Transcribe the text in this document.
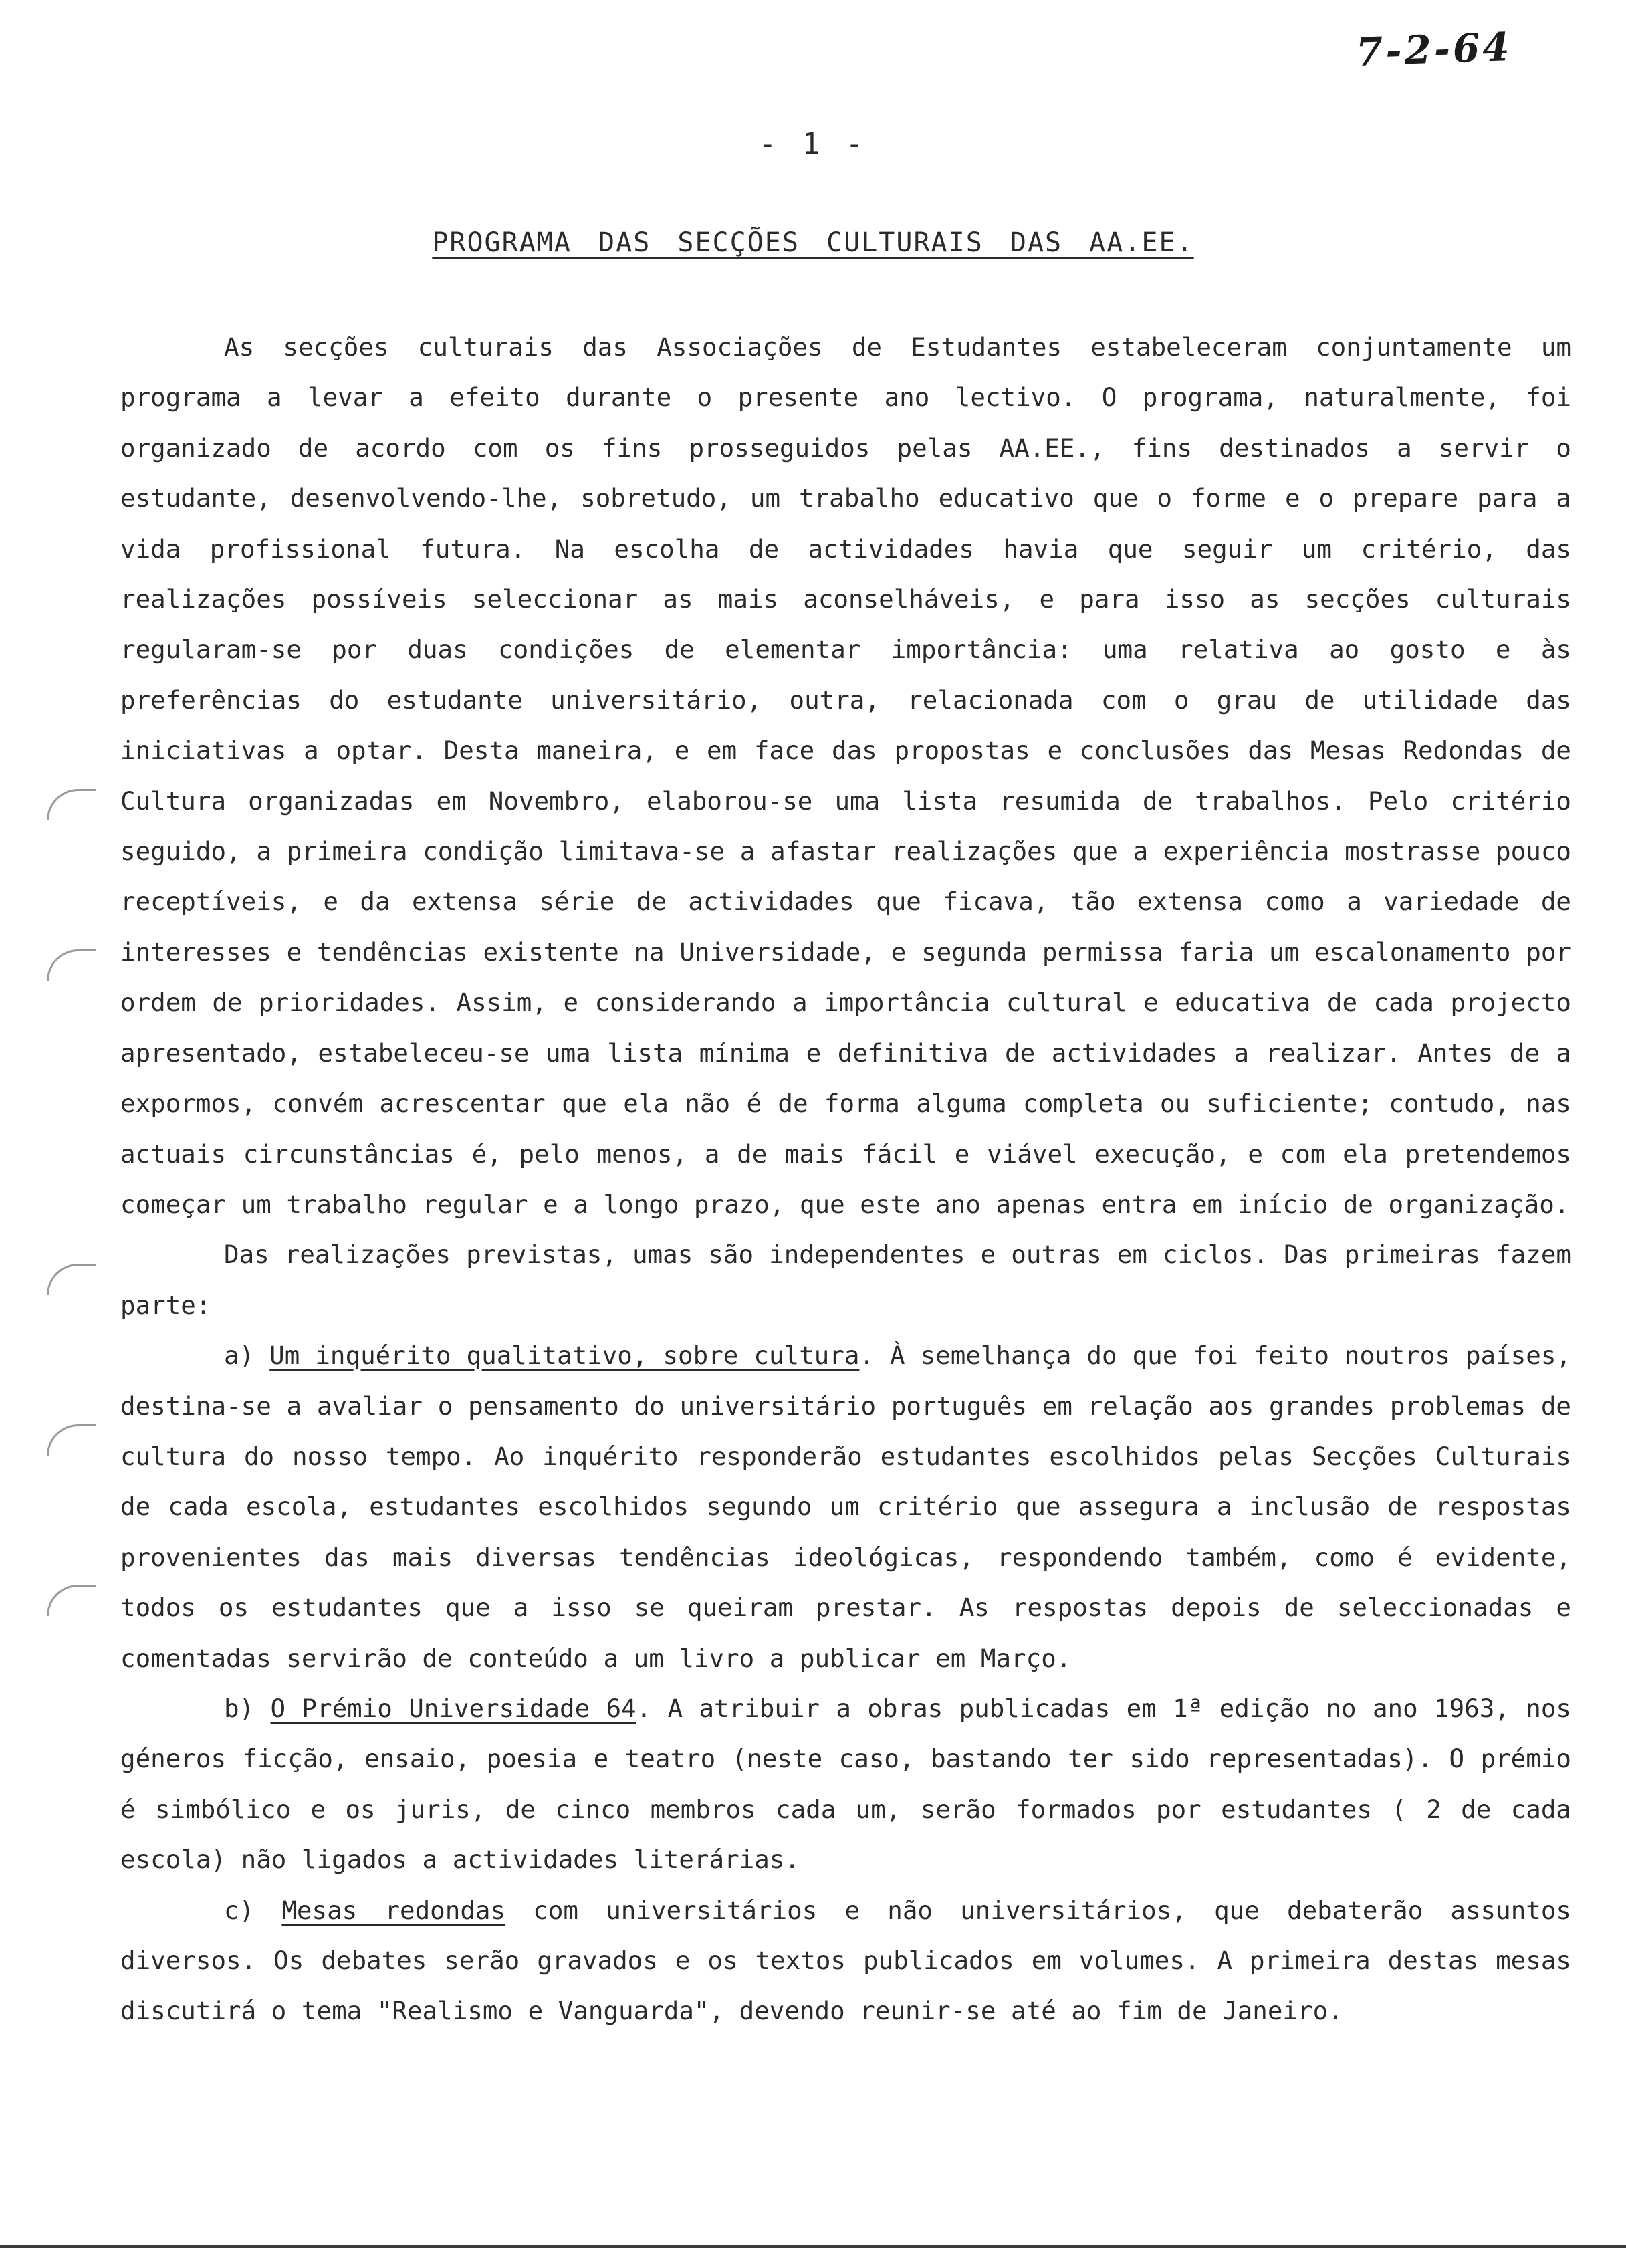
7-2-64
- 1 -
PROGRAMA DAS SECÇÕES CULTURAIS DAS AA.EE.

As secções culturais das Associações de Estudantes estabeleceram conjuntamente um programa a levar a efeito durante o presente ano lectivo. O programa, naturalmente, foi organizado de acordo com os fins prosseguidos pelas AA.EE., fins destinados a servir o estudante, desenvolvendo-lhe, sobretudo, um trabalho educativo que o forme e o prepare para a vida profissional futura. Na escolha de actividades havia que seguir um critério, das realizações possíveis seleccionar as mais aconselháveis, e para isso as secções culturais regularam-se por duas condições de elementar importância: uma relativa ao gosto e às preferências do estudante universitário, outra, relacionada com o grau de utilidade das iniciativas a optar. Desta maneira, e em face das propostas e conclusões das Mesas Redondas de Cultura organizadas em Novembro, elaborou-se uma lista resumida de trabalhos. Pelo critério seguido, a primeira condição limitava-se a afastar realizações que a experiência mostrasse pouco receptíveis, e da extensa série de actividades que ficava, tão extensa como a variedade de interesses e tendências existente na Universidade, e segunda permissa faria um escalonamento por ordem de prioridades. Assim, e considerando a importância cultural e educativa de cada projecto apresentado, estabeleceu-se uma lista mínima e definitiva de actividades a realizar. Antes de a expormos, convém acrescentar que ela não é de forma alguma completa ou suficiente; contudo, nas actuais circunstâncias é, pelo menos, a de mais fácil e viável execução, e com ela pretendemos começar um trabalho regular e a longo prazo, que este ano apenas entra em início de organização.

Das realizações previstas, umas são independentes e outras em ciclos. Das primeiras fazem parte:

a) Um inquérito qualitativo, sobre cultura. À semelhança do que foi feito noutros países, destina-se a avaliar o pensamento do universitário português em relação aos grandes problemas de cultura do nosso tempo. Ao inquérito responderão estudantes escolhidos pelas Secções Culturais de cada escola, estudantes escolhidos segundo um critério que assegura a inclusão de respostas provenientes das mais diversas tendências ideológicas, respondendo também, como é evidente, todos os estudantes que a isso se queiram prestar. As respostas depois de seleccionadas e comentadas servirão de conteúdo a um livro a publicar em Março.

b) O Prémio Universidade 64. A atribuir a obras publicadas em 1ª edição no ano 1963, nos géneros ficção, ensaio, poesia e teatro (neste caso, bastando ter sido representadas). O prémio é simbólico e os juris, de cinco membros cada um, serão formados por estudantes ( 2 de cada escola) não ligados a actividades literárias.

c) Mesas redondas com universitários e não universitários, que debaterão assuntos diversos. Os debates serão gravados e os textos publicados em volumes. A primeira destas mesas discutirá o tema "Realismo e Vanguarda", devendo reunir-se até ao fim de Janeiro.
